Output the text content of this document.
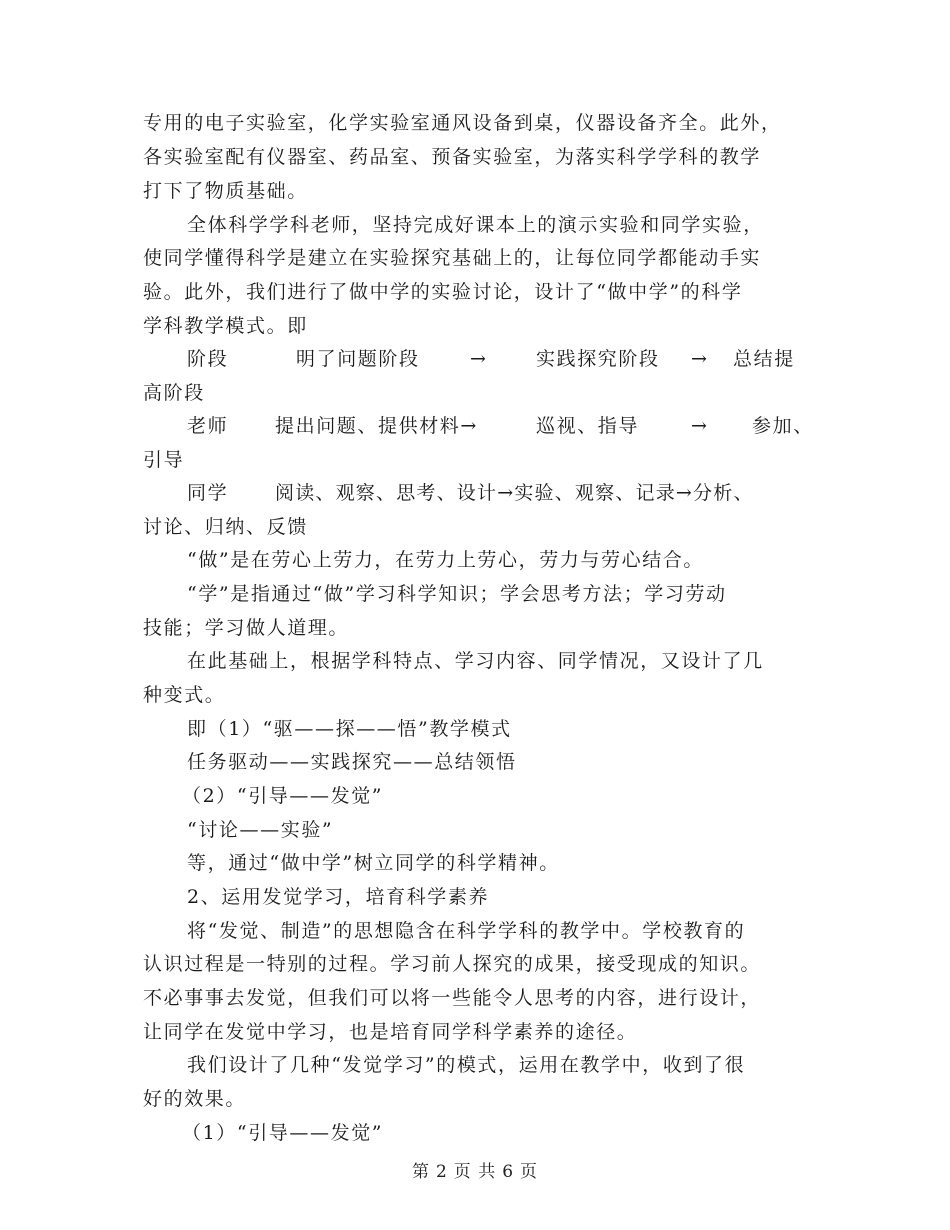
专用的电子实验室，化学实验室通风设备到桌，仪器设备齐全。此外，
各实验室配有仪器室、药品室、预备实验室，为落实科学学科的教学
打下了物质基础。
全体科学学科老师，坚持完成好课本上的演示实验和同学实验，
使同学懂得科学是建立在实验探究基础上的，让每位同学都能动手实
验。此外，我们进行了做中学的实验讨论，设计了“做中学”的科学
学科教学模式。即
阶段	明了问题阶段	→	实践探究阶段 → 总结提
高阶段
老师 提出问题、提供材料→	巡视、指导	→ 参加、
引导
同学 阅读、观察、思考、设计→实验、观察、记录→分析、
讨论、归纳、反馈
“做”是在劳心上劳力，在劳力上劳心，劳力与劳心结合。
“学”是指通过“做”学习科学知识；学会思考方法；学习劳动
技能；学习做人道理。
在此基础上，根据学科特点、学习内容、同学情况，又设计了几
种变式。
即（1）“驱——探——悟”教学模式
任务驱动——实践探究——总结领悟
（2）“引导——发觉”
“讨论——实验”
等，通过“做中学”树立同学的科学精神。
2、运用发觉学习，培育科学素养
将“发觉、制造”的思想隐含在科学学科的教学中。学校教育的
认识过程是一特别的过程。学习前人探究的成果，接受现成的知识。
不必事事去发觉，但我们可以将一些能令人思考的内容，进行设计，
让同学在发觉中学习，也是培育同学科学素养的途径。
我们设计了几种“发觉学习”的模式，运用在教学中，收到了很
好的效果。
（1）“引导——发觉”
第 2 页 共 6 页
